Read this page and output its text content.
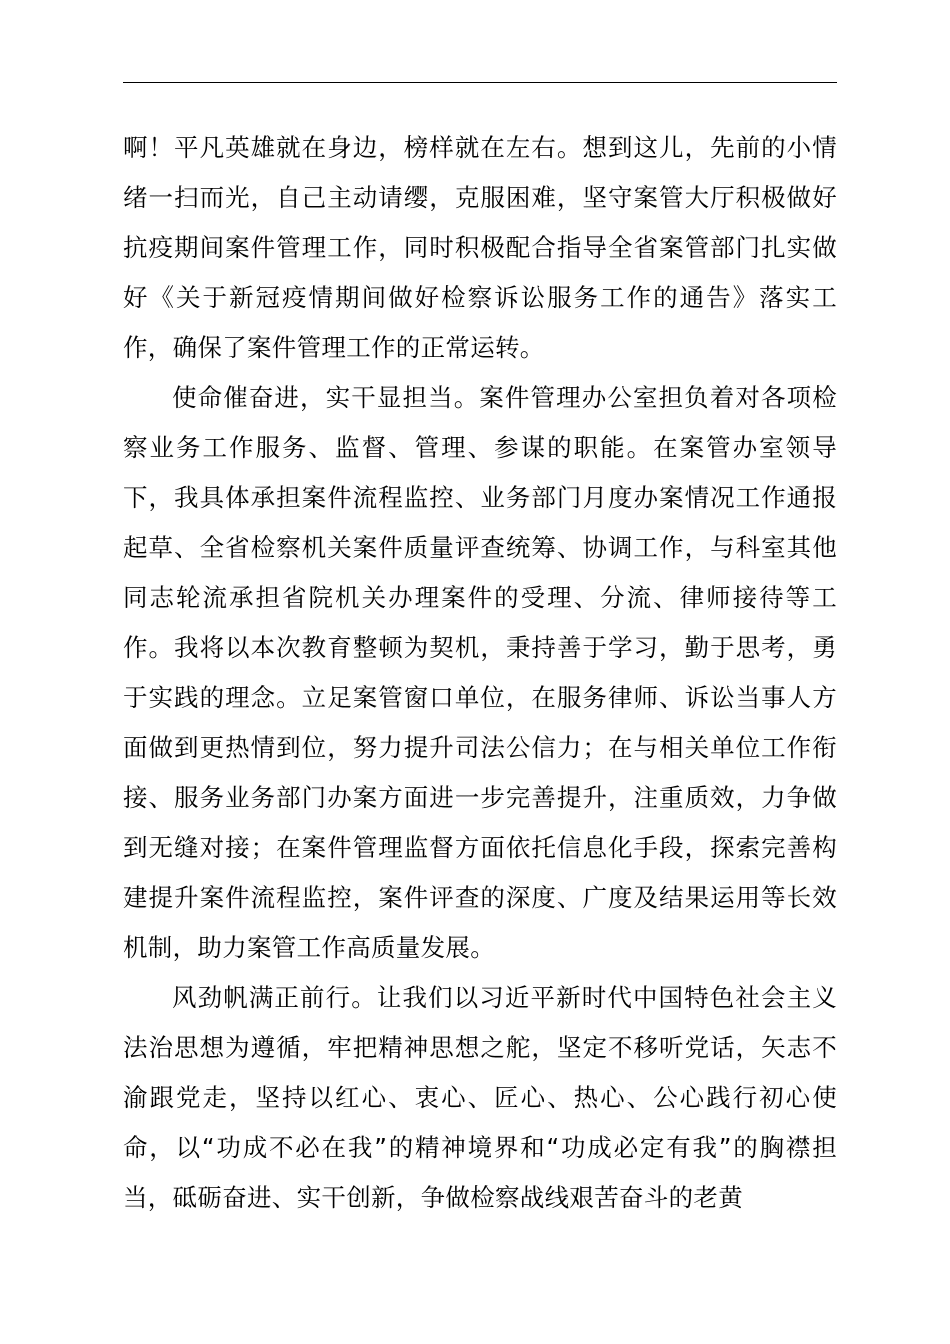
啊！平凡英雄就在身边，榜样就在左右。想到这儿，先前的小情绪一扫而光，自己主动请缨，克服困难，坚守案管大厅积极做好抗疫期间案件管理工作，同时积极配合指导全省案管部门扎实做好《关于新冠疫情期间做好检察诉讼服务工作的通告》落实工作，确保了案件管理工作的正常运转。

使命催奋进，实干显担当。案件管理办公室担负着对各项检察业务工作服务、监督、管理、参谋的职能。在案管办室领导下，我具体承担案件流程监控、业务部门月度办案情况工作通报起草、全省检察机关案件质量评查统筹、协调工作，与科室其他同志轮流承担省院机关办理案件的受理、分流、律师接待等工作。我将以本次教育整顿为契机，秉持善于学习，勤于思考，勇于实践的理念。立足案管窗口单位，在服务律师、诉讼当事人方面做到更热情到位，努力提升司法公信力；在与相关单位工作衔接、服务业务部门办案方面进一步完善提升，注重质效，力争做到无缝对接；在案件管理监督方面依托信息化手段，探索完善构建提升案件流程监控，案件评查的深度、广度及结果运用等长效机制，助力案管工作高质量发展。

风劲帆满正前行。让我们以习近平新时代中国特色社会主义法治思想为遵循，牢把精神思想之舵，坚定不移听党话，矢志不渝跟党走，坚持以红心、衷心、匠心、热心、公心践行初心使命，以“功成不必在我”的精神境界和“功成必定有我”的胸襟担当，砥砺奋进、实干创新，争做检察战线艰苦奋斗的老黄
